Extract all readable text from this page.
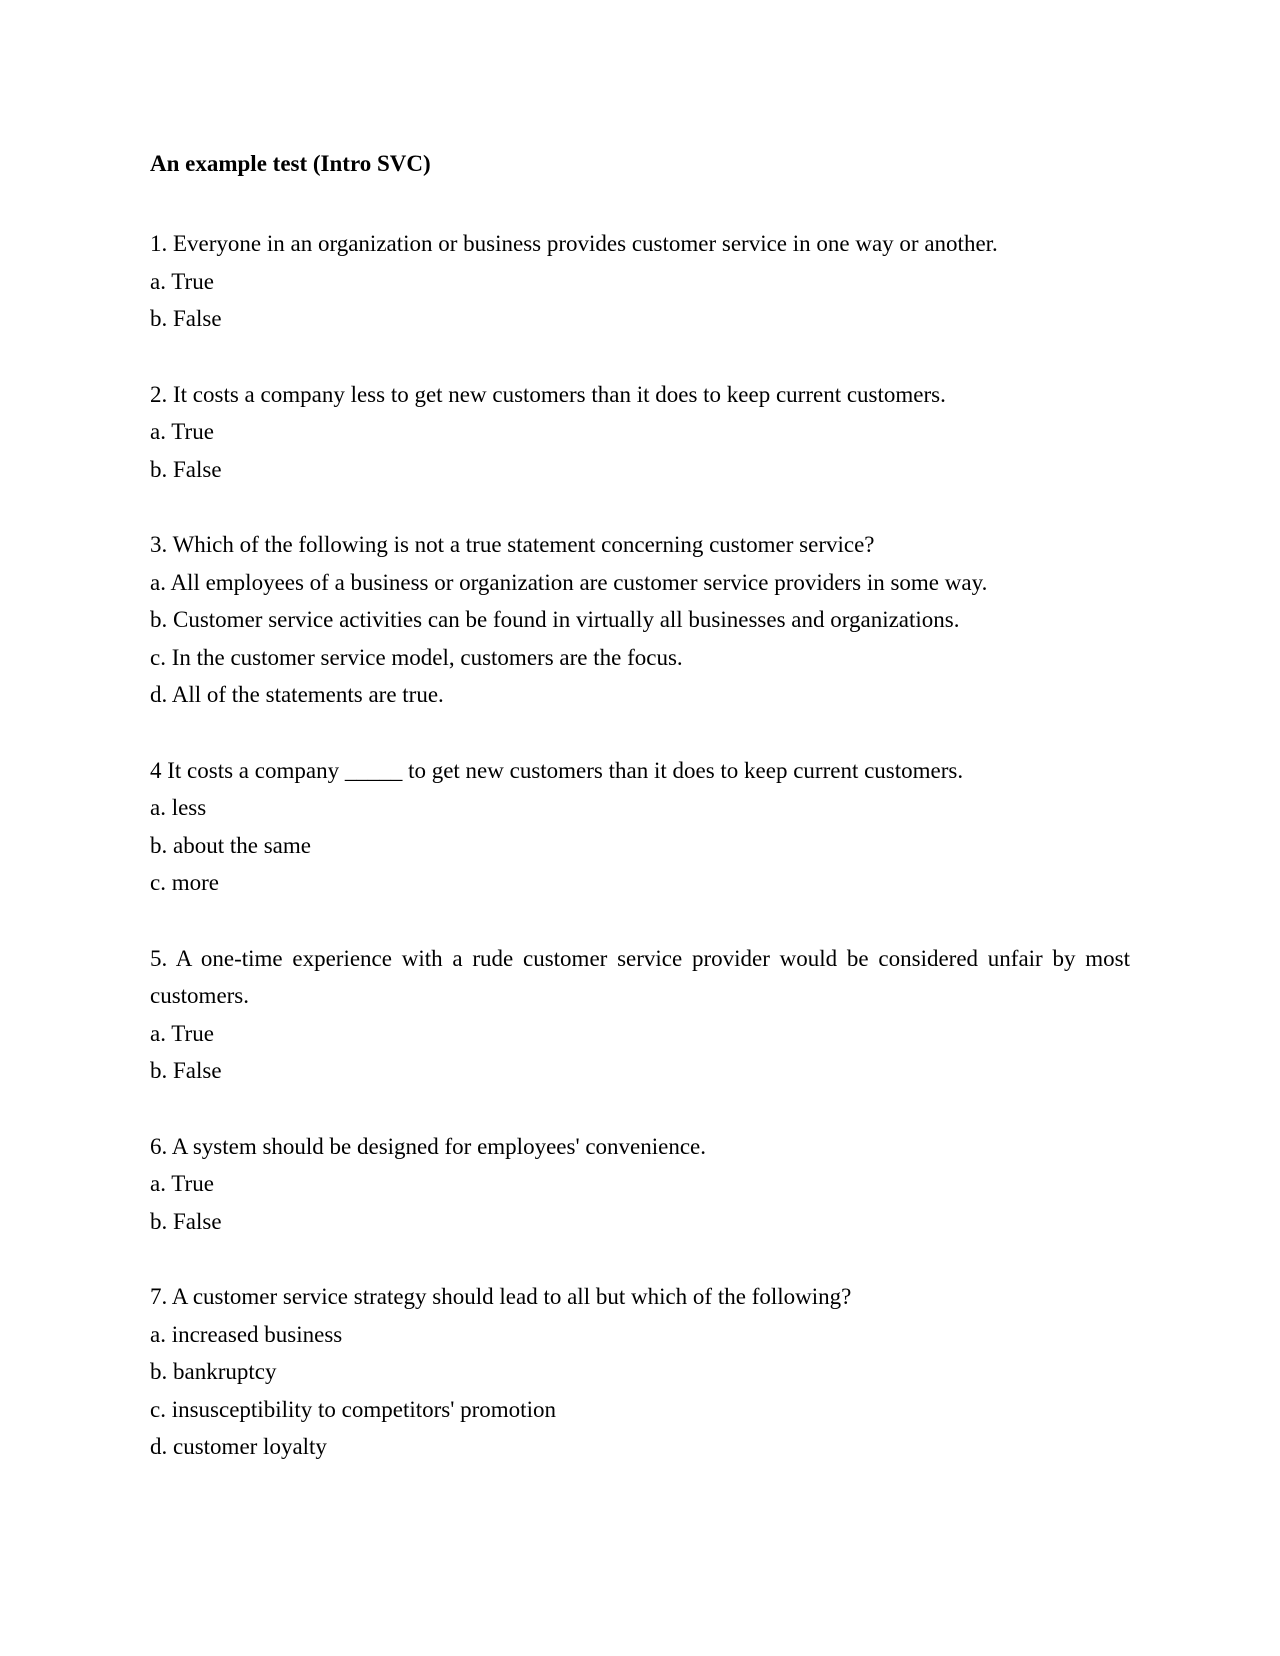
An example test (Intro SVC)
1. Everyone in an organization or business provides customer service in one way or another.
a. True
b. False
2. It costs a company less to get new customers than it does to keep current customers.
a. True
b. False
3. Which of the following is not a true statement concerning customer service?
a. All employees of a business or organization are customer service providers in some way.
b. Customer service activities can be found in virtually all businesses and organizations.
c. In the customer service model, customers are the focus.
d. All of the statements are true.
4 It costs a company _____ to get new customers than it does to keep current customers.
a. less
b. about the same
c. more
5. A one-time experience with a rude customer service provider would be considered unfair by most customers.
a. True
b. False
6. A system should be designed for employees' convenience.
a. True
b. False
7. A customer service strategy should lead to all but which of the following?
a. increased business
b. bankruptcy
c. insusceptibility to competitors' promotion
d. customer loyalty
